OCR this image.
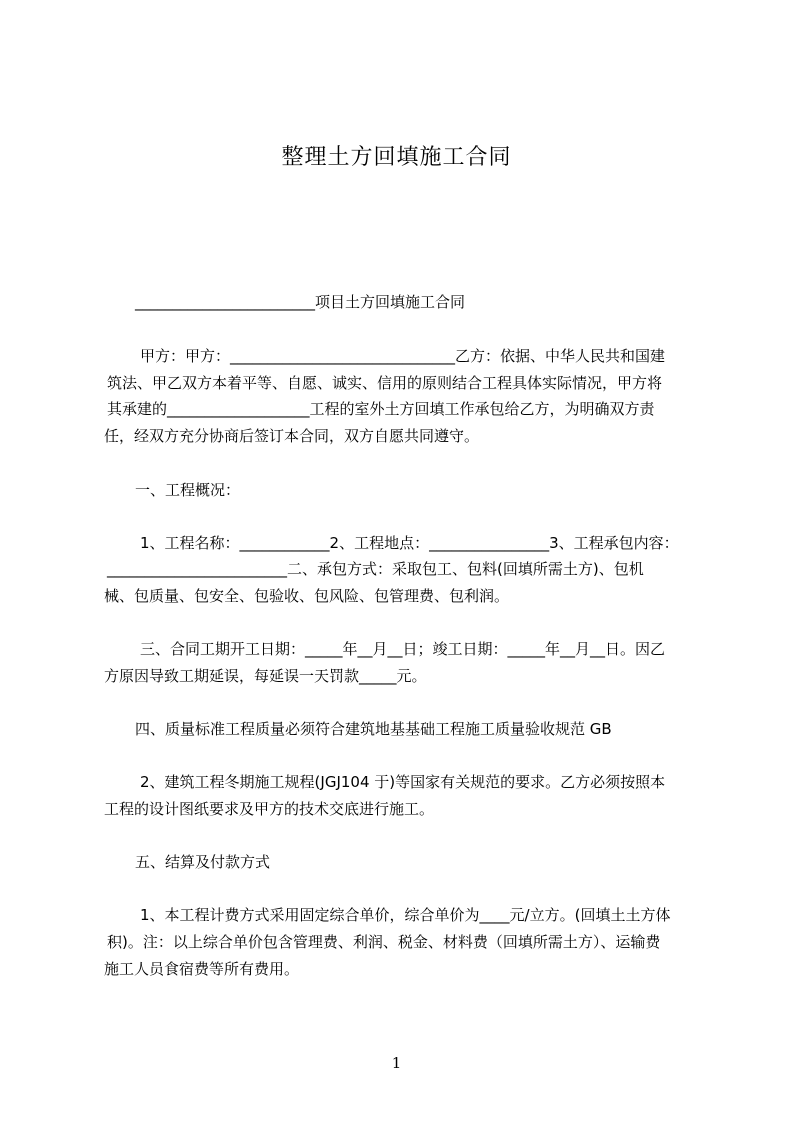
整理土方回填施工合同
________________________项目土方回填施工合同
甲方：甲方：______________________________乙方：依据、中华人民共和国建
筑法、甲乙双方本着平等、自愿、诚实、信用的原则结合工程具体实际情况，甲方将
其承建的___________________工程的室外土方回填工作承包给乙方，为明确双方责
任，经双方充分协商后签订本合同，双方自愿共同遵守。
一、工程概况：
1、工程名称：____________2、工程地点：________________3、工程承包内容：
________________________二、承包方式：采取包工、包料(回填所需土方)、包机
械、包质量、包安全、包验收、包风险、包管理费、包利润。
三、合同工期开工日期：_____年__月__日；竣工日期：_____年__月__日。因乙
方原因导致工期延误，每延误一天罚款_____元。
四、质量标准工程质量必须符合建筑地基基础工程施工质量验收规范 GB
2、建筑工程冬期施工规程(JGJ104 于)等国家有关规范的要求。乙方必须按照本
工程的设计图纸要求及甲方的技术交底进行施工。
五、结算及付款方式
1、本工程计费方式采用固定综合单价，综合单价为____元/立方。(回填土土方体
积)。注：以上综合单价包含管理费、利润、税金、材料费（回填所需土方）、运输费
施工人员食宿费等所有费用。
1
